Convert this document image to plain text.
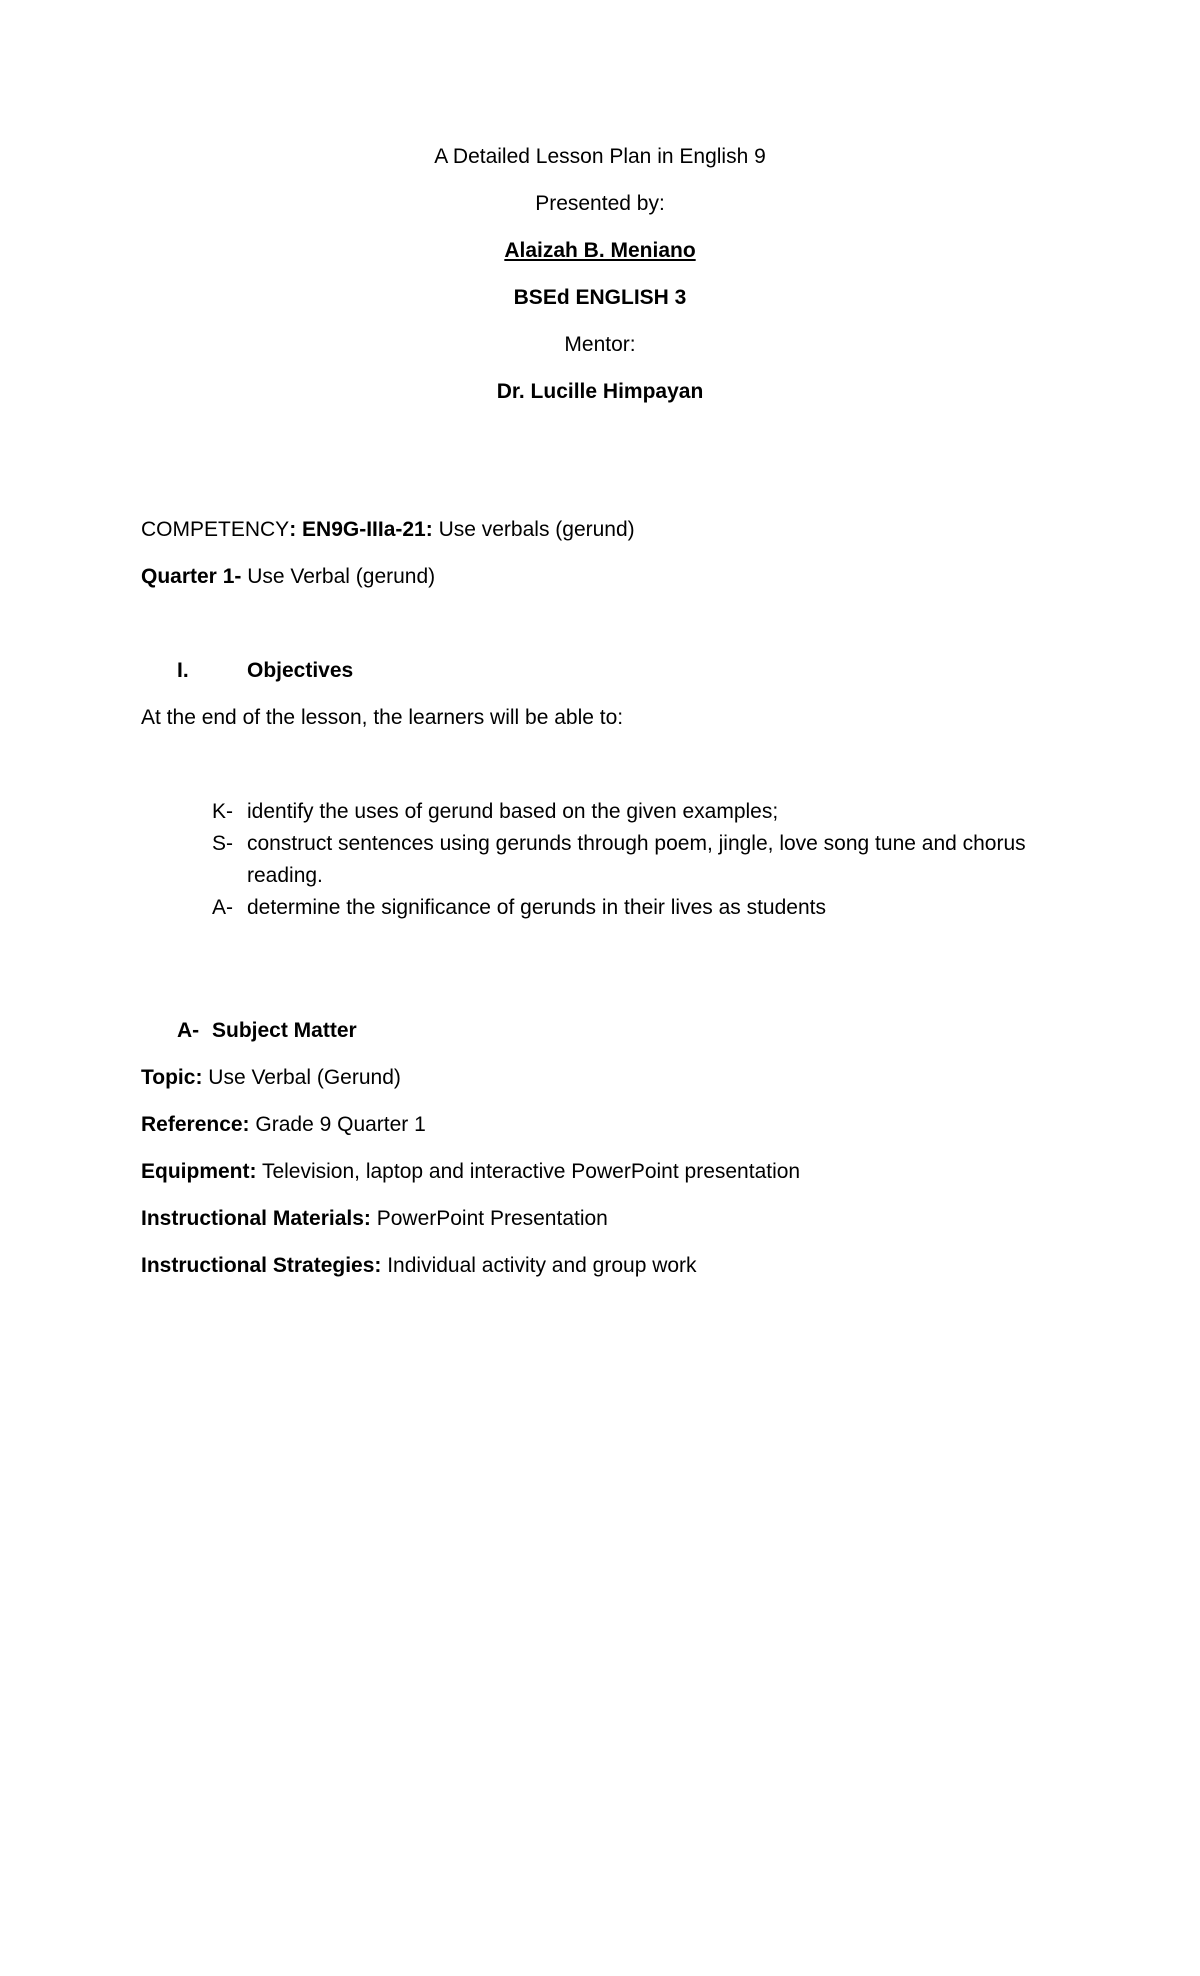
A Detailed Lesson Plan in English 9
Presented by:
Alaizah B. Meniano
BSEd ENGLISH 3
Mentor:
Dr. Lucille Himpayan
COMPETENCY: EN9G-IIIa-21: Use verbals (gerund)
Quarter 1- Use Verbal (gerund)
I.	Objectives
At the end of the lesson, the learners will be able to:
K- identify the uses of gerund based on the given examples;
S- construct sentences using gerunds through poem, jingle, love song tune and chorus reading.
A- determine the significance of gerunds in their lives as students
A- Subject Matter
Topic: Use Verbal (Gerund)
Reference: Grade 9 Quarter 1
Equipment: Television, laptop and interactive PowerPoint presentation
Instructional Materials: PowerPoint Presentation
Instructional Strategies: Individual activity and group work
